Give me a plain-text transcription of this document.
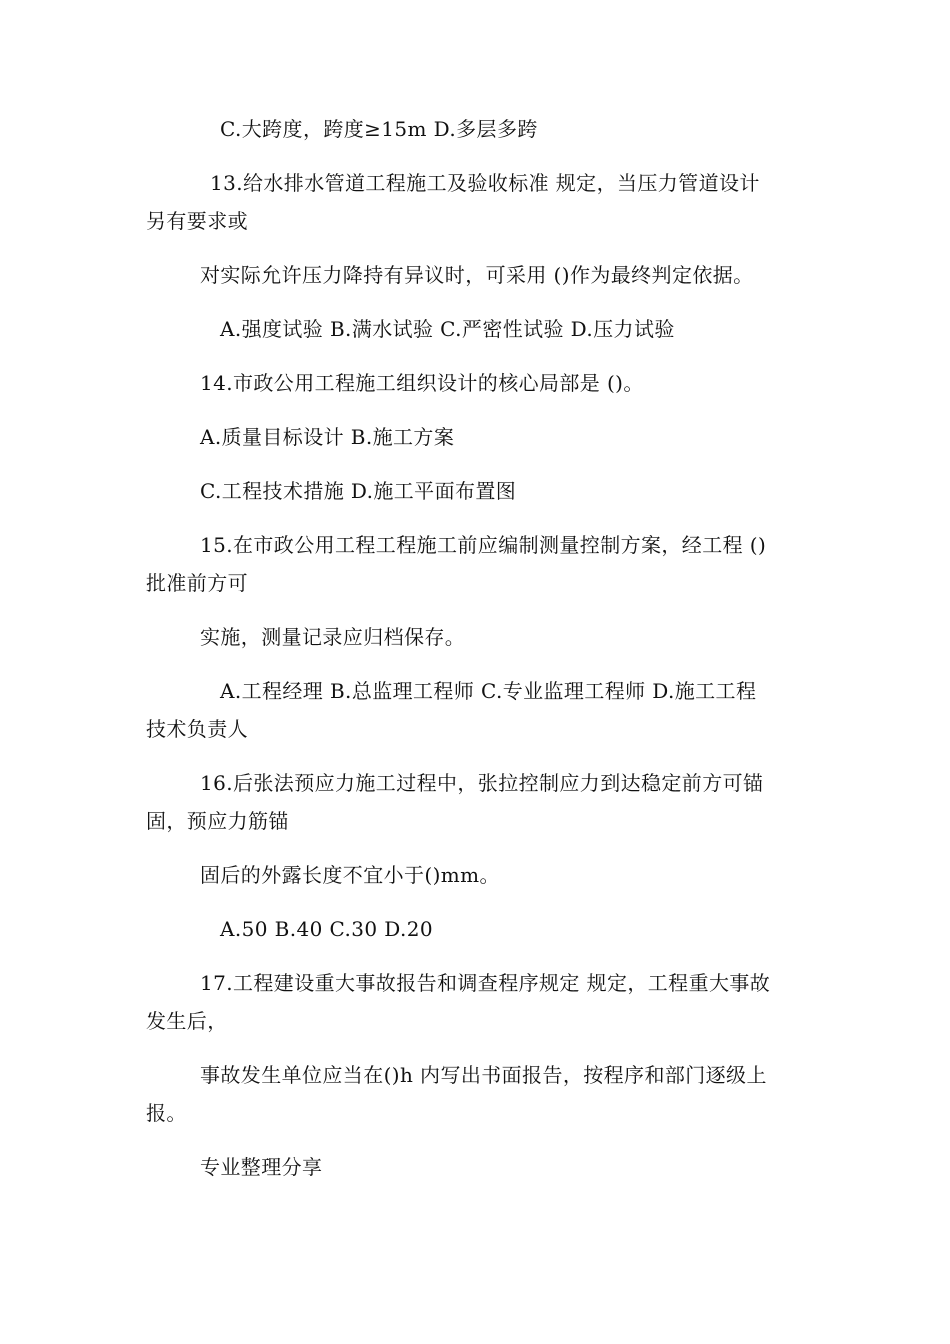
C.大跨度，跨度≥15m D.多层多跨
13.给水排水管道工程施工及验收标准 规定，当压力管道设计
另有要求或
对实际允许压力降持有异议时，可采用 ()作为最终判定依据。
A.强度试验 B.满水试验 C.严密性试验 D.压力试验
14.市政公用工程施工组织设计的核心局部是 ()。
A.质量目标设计 B.施工方案
C.工程技术措施 D.施工平面布置图
15.在市政公用工程工程施工前应编制测量控制方案，经工程 ()
批准前方可
实施，测量记录应归档保存。
A.工程经理 B.总监理工程师 C.专业监理工程师 D.施工工程
技术负责人
16.后张法预应力施工过程中，张拉控制应力到达稳定前方可锚
固，预应力筋锚
固后的外露长度不宜小于()mm。
A.50 B.40 C.30 D.20
17.工程建设重大事故报告和调查程序规定 规定，工程重大事故
发生后，
事故发生单位应当在()h 内写出书面报告，按程序和部门逐级上
报。
专业整理分享
